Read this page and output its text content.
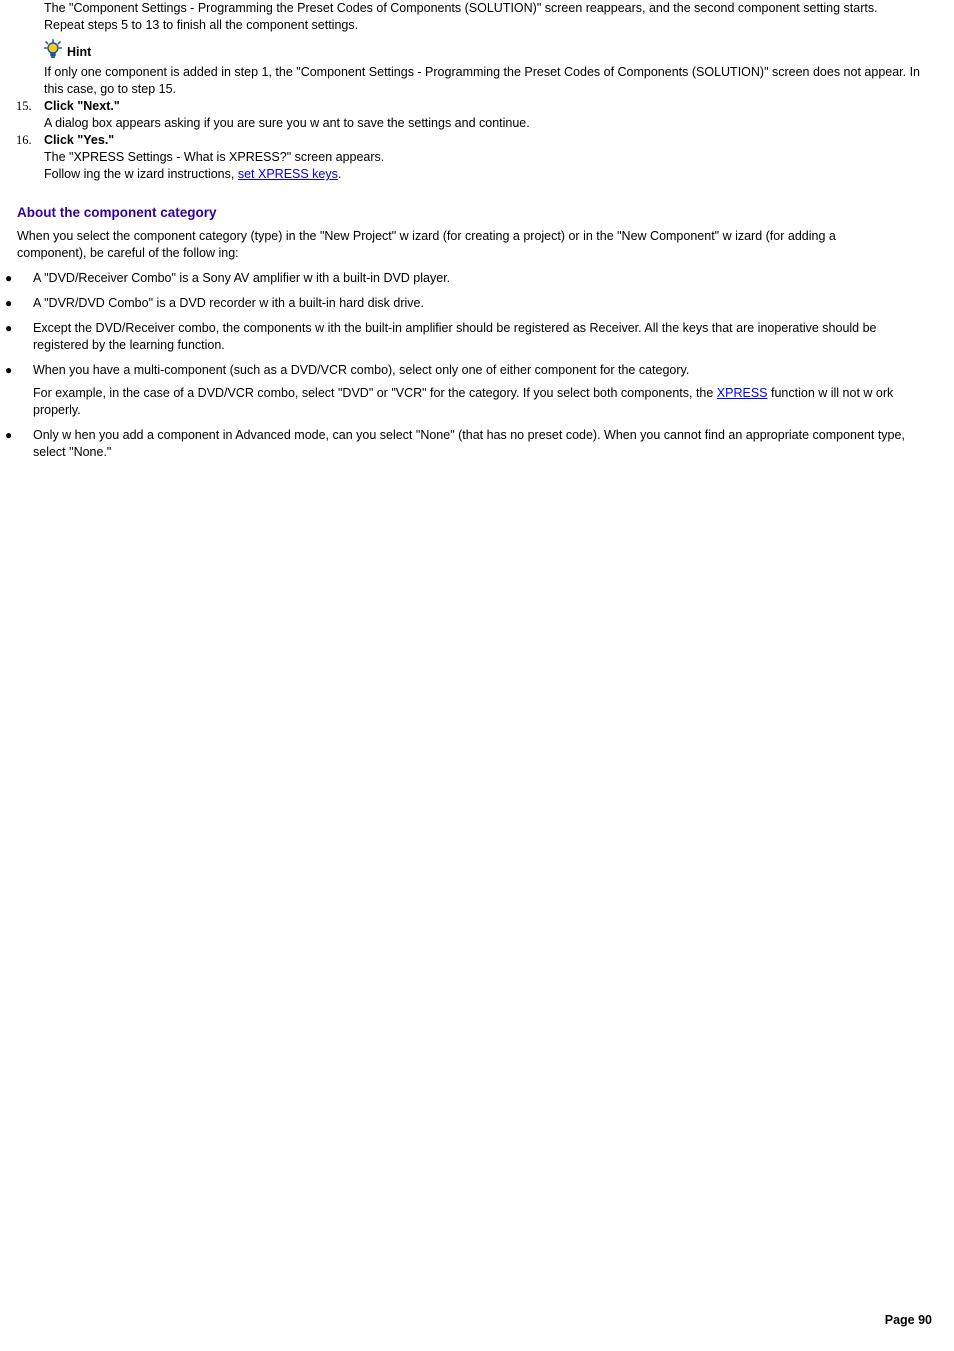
The "Component Settings - Programming the Preset Codes of Components (SOLUTION)" screen reappears, and the second component setting starts.
Repeat steps 5 to 13 to finish all the component settings.
Hint
If only one component is added in step 1, the "Component Settings - Programming the Preset Codes of Components (SOLUTION)" screen does not appear. In this case, go to step 15.
15. Click "Next."
A dialog box appears asking if you are sure you w ant to save the settings and continue.
16. Click "Yes."
The "XPRESS Settings - What is XPRESS?" screen appears.
Follow ing the w izard instructions, set XPRESS keys.
About the component category
When you select the component category (type) in the "New Project" w izard (for creating a project) or in the "New Component" w izard (for adding a component), be careful of the follow ing:
● A "DVD/Receiver Combo" is a Sony AV amplifier w ith a built-in DVD player.
● A "DVR/DVD Combo" is a DVD recorder w ith a built-in hard disk drive.
● Except the DVD/Receiver combo, the components w ith the built-in amplifier should be registered as Receiver. All the keys that are inoperative should be registered by the learning function.
● When you have a multi-component (such as a DVD/VCR combo), select only one of either component for the category.
For example, in the case of a DVD/VCR combo, select "DVD" or "VCR" for the category. If you select both components, the XPRESS function w ill not w ork properly.
● Only w hen you add a component in Advanced mode, can you select "None" (that has no preset code). When you cannot find an appropriate component type, select "None."
Page 90
